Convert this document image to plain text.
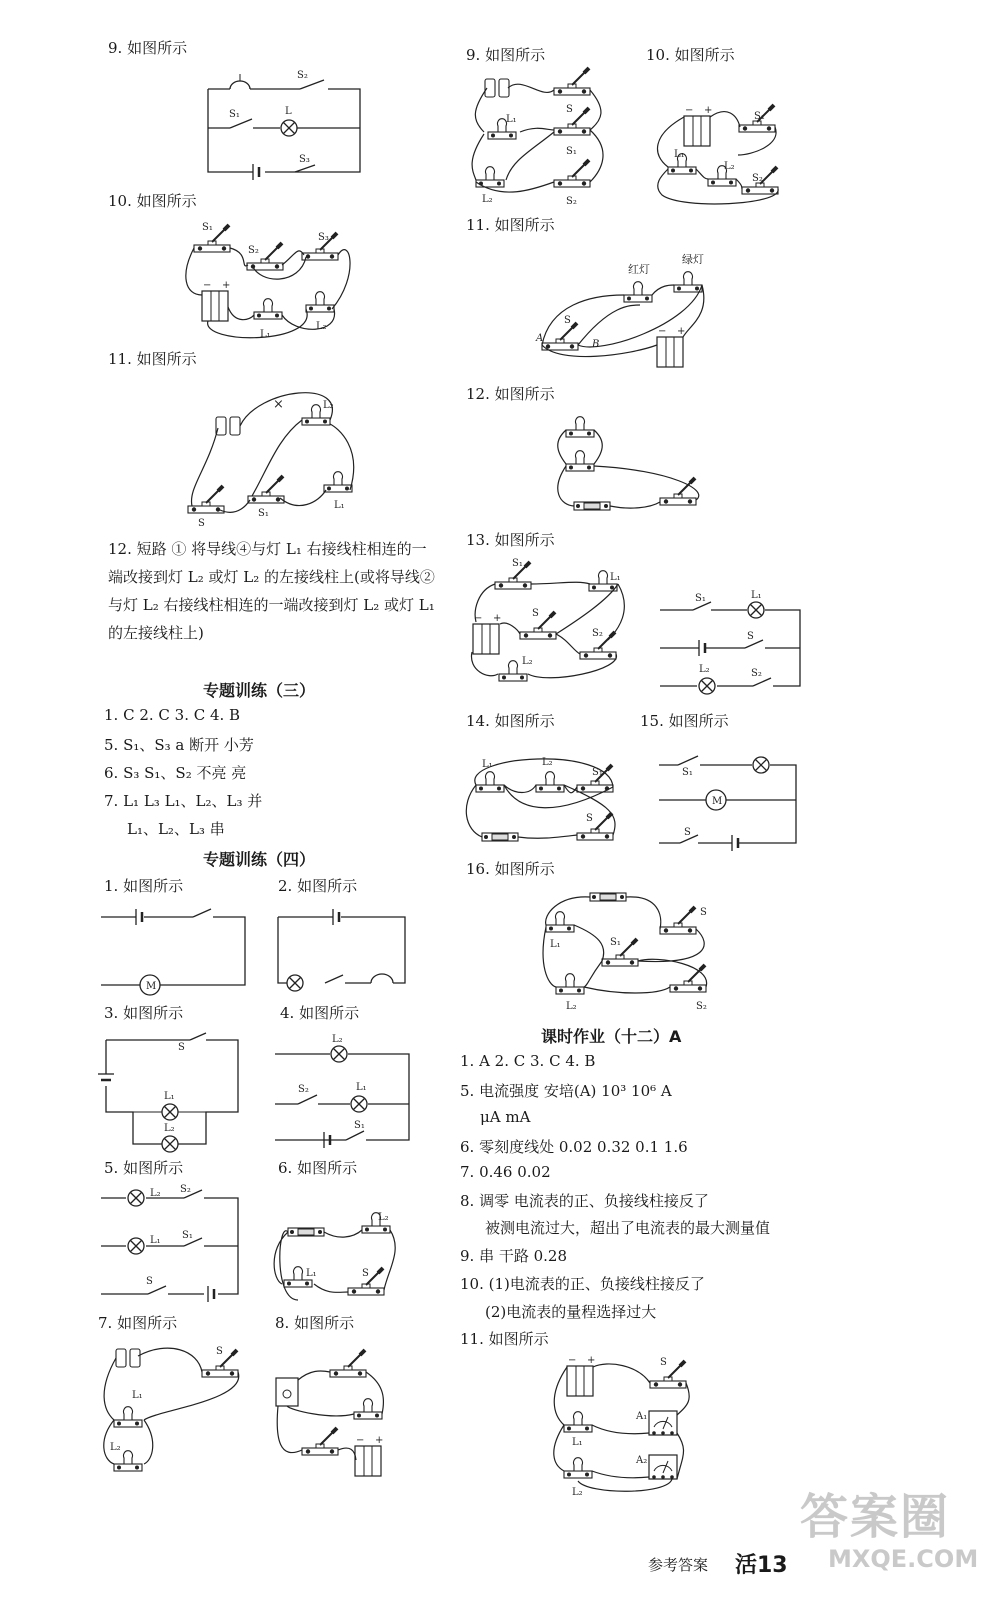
9. 如图所示
S₂
S₁	L
S₃
10. 如图所示
S₁
S₂
S₃
L₁
L₂
11. 如图所示
×	L₂
S₁
L₁
S
12. 短路 ① 将导线④与灯 L₁ 右接线柱相连的一端改接到灯 L₂ 或灯 L₂ 的左接线柱上(或将导线②与灯 L₂ 右接线柱相连的一端改接到灯 L₂ 或灯 L₁ 的左接线柱上)
专题训练（三）
1. C 2. C 3. C 4. B
5. S₁、S₃ a 断开 小芳
6. S₃ S₁、S₂ 不亮 亮
7. L₁ L₃ L₁、L₂、L₃ 并
L₁、L₂、L₃ 串
专题训练（四）
1. 如图所示
M
2. 如图所示
3. 如图所示
S
L₁
L₂
4. 如图所示
L₂
S₂	L₁
S₁
5. 如图所示
L₂ S₂
L₁ S₁
S
6. 如图所示
L₂
L₁	S
7. 如图所示
S
L₁
L₂
8. 如图所示
9. 如图所示
S
L₁
S₁
L₂	S₂
10. 如图所示
S₁
L₁
L₂
S₂
11. 如图所示
红灯
绿灯
S
A
B
12. 如图所示
13. 如图所示
S₁
L₁
S
S₂
L₂
S₁	L₁
S
L₂	S₂
14. 如图所示
L₁	L₂
S₁
S
15. 如图所示
S₁
M
S
16. 如图所示
S
L₁	S₁
L₂	S₂
课时作业（十二）A
1. A 2. C 3. C 4. B
5. 电流强度 安培(A) 10³ 10⁶ A
μA mA
6. 零刻度线处 0.02 0.32 0.1 1.6
7. 0.46 0.02
8. 调零 电流表的正、负接线柱接反了
被测电流过大，超出了电流表的最大测量值
9. 串 干路 0.28
10. (1)电流表的正、负接线柱接反了
(2)电流表的量程选择过大
11. 如图所示
S
A₁
L₁
A₂
L₂	答案圈
MXQE.COM
参考答案 活13
